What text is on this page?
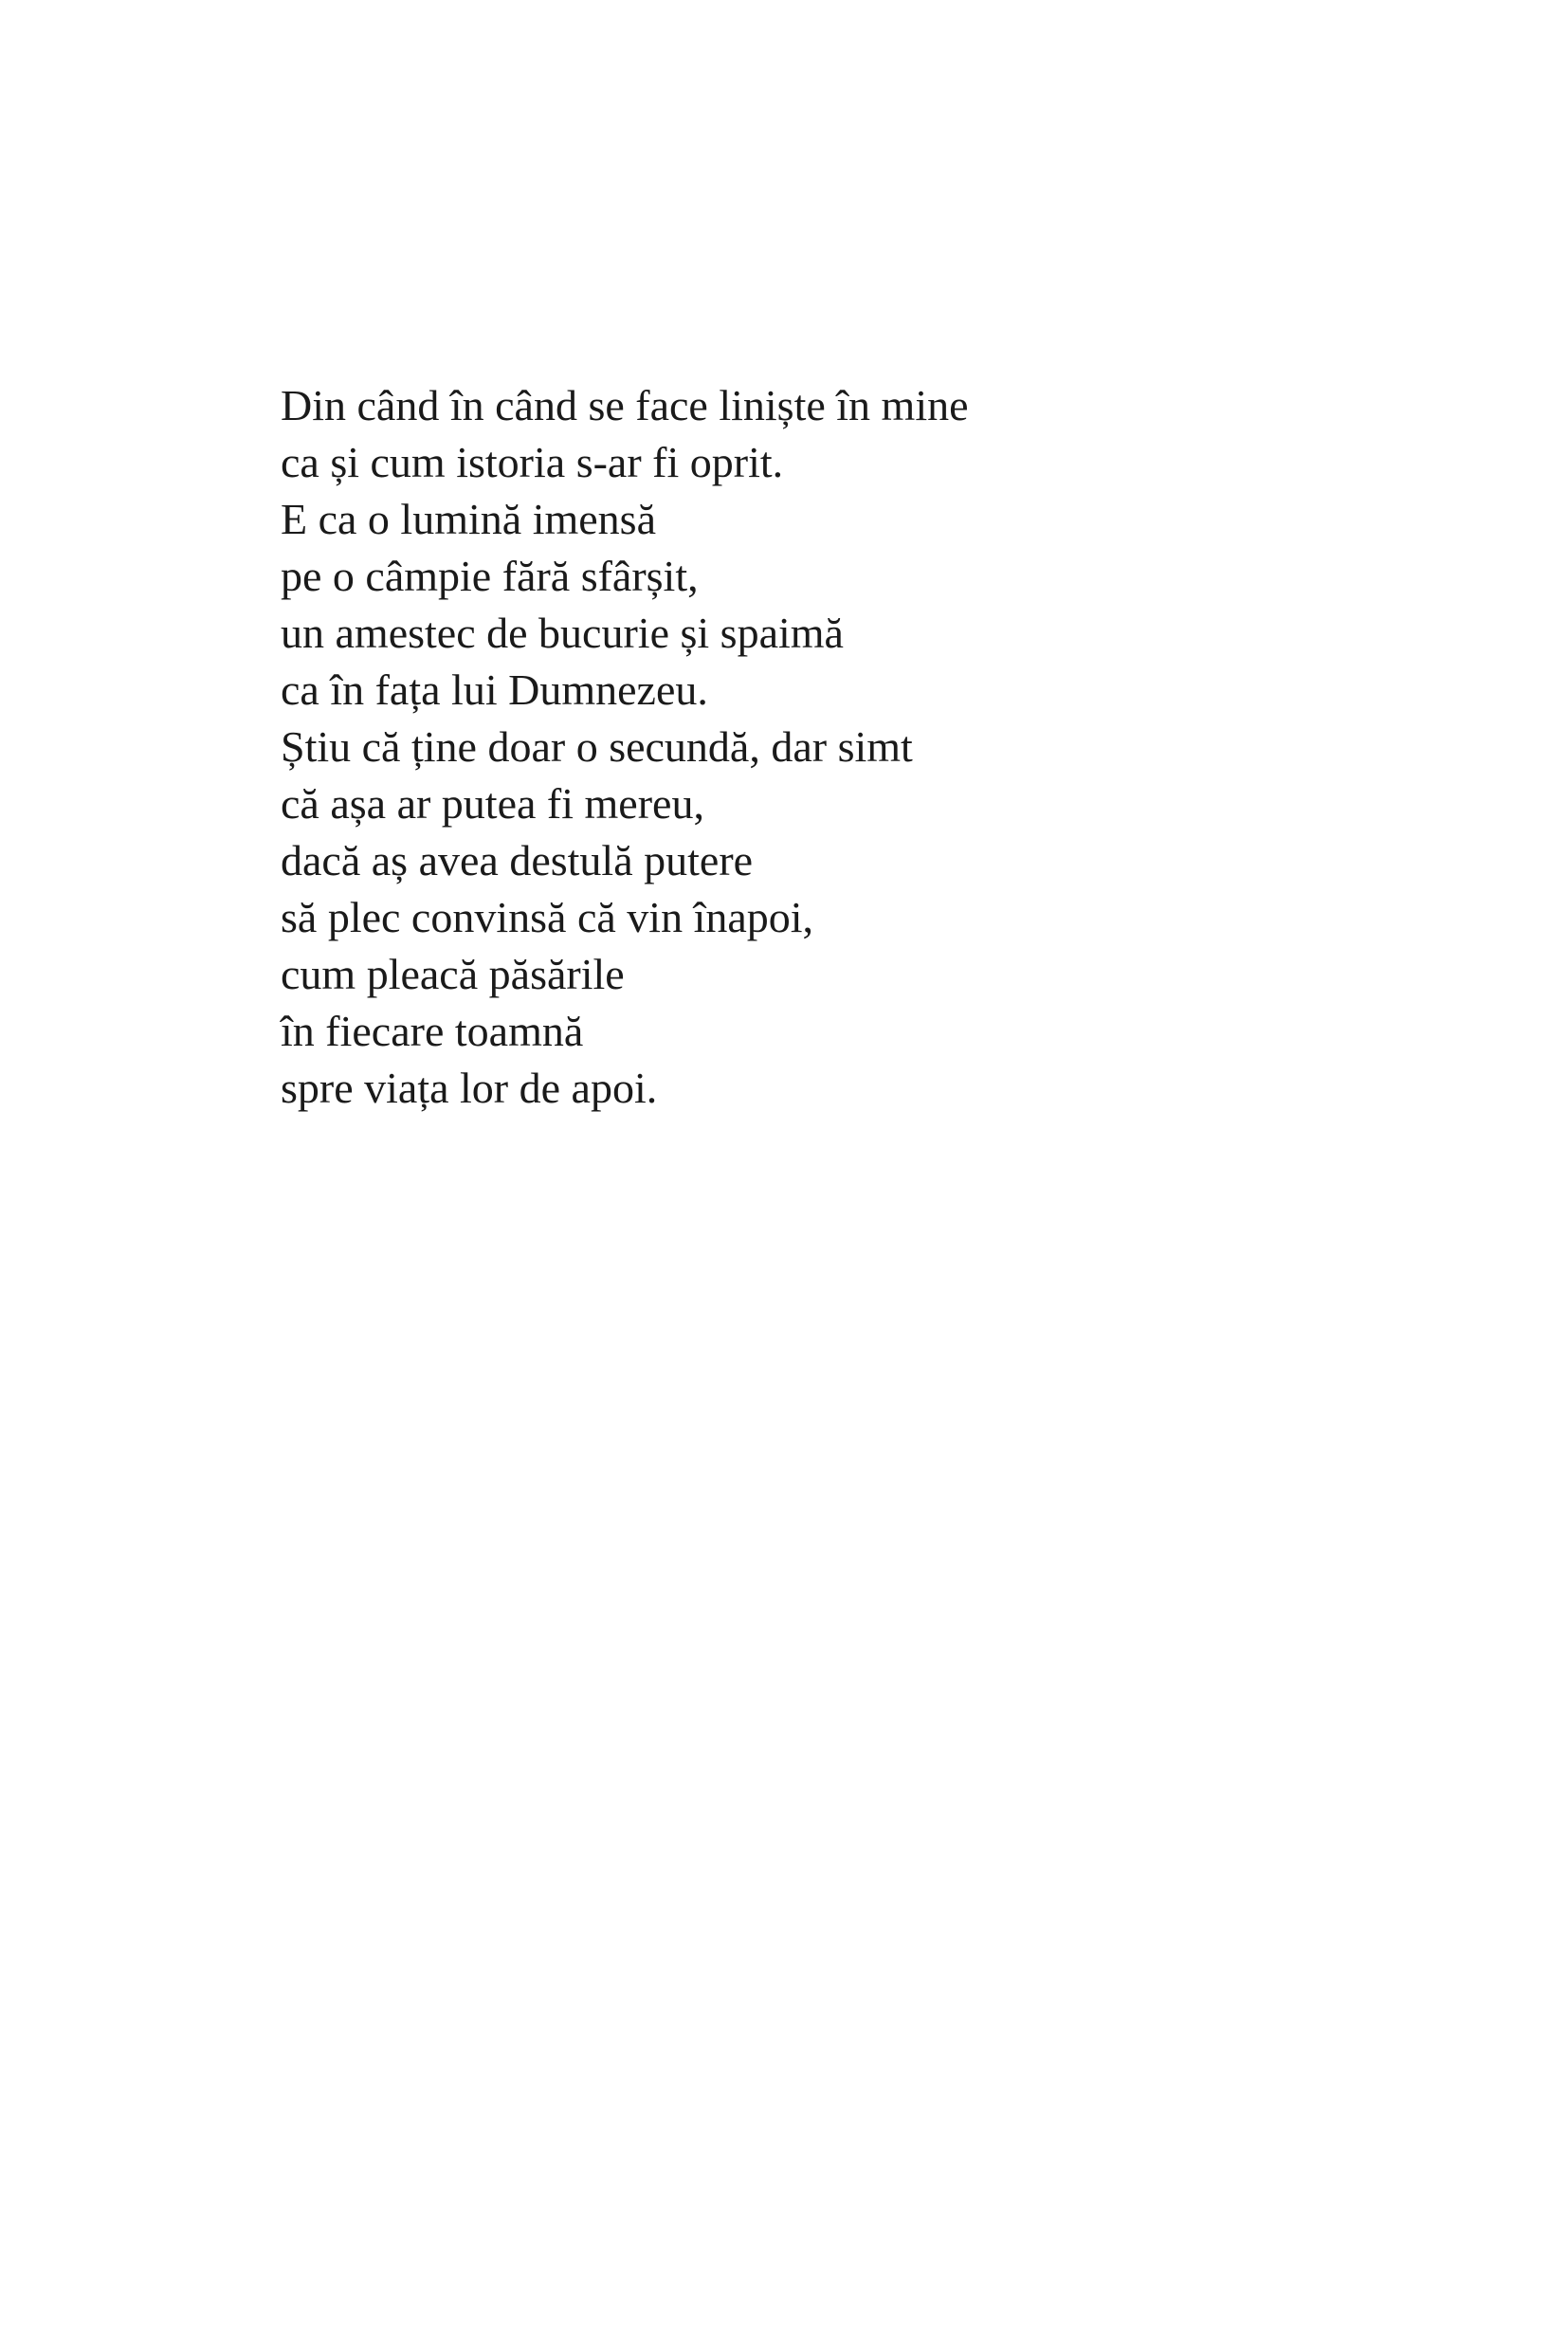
Din când în când se face liniște în mine
ca și cum istoria s-ar fi oprit.
E ca o lumină imensă
pe o câmpie fără sfârșit,
un amestec de bucurie și spaimă
ca în fața lui Dumnezeu.
Știu că ține doar o secundă, dar simt
că așa ar putea fi mereu,
dacă aș avea destulă putere
să plec convinsă că vin înapoi,
cum pleacă păsările
în fiecare toamnă
spre viața lor de apoi.
